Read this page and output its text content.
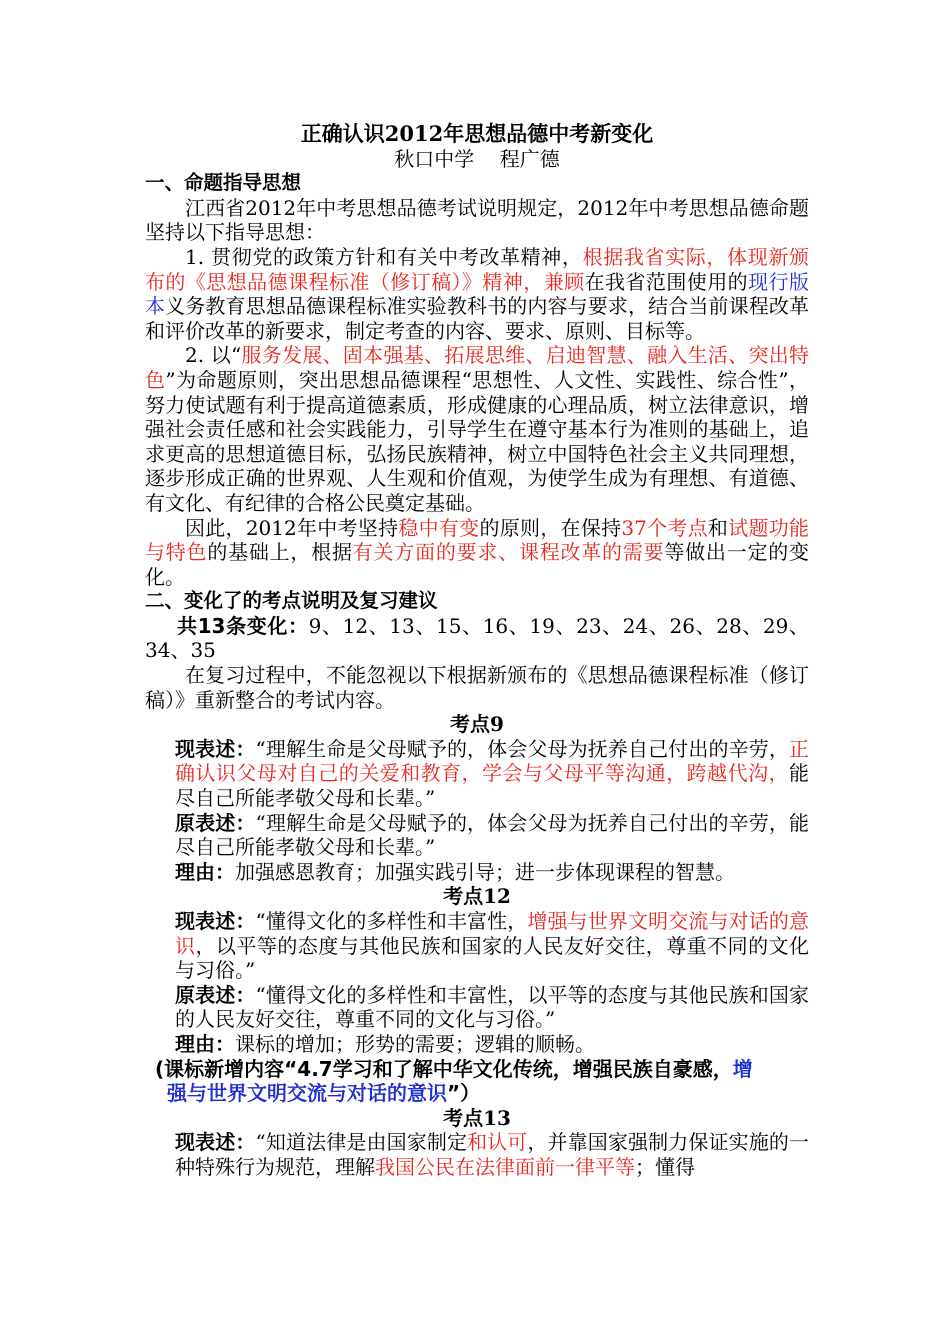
正确认识2012年思想品德中考新变化
秋口中学    程广德
一、命题指导思想
江西省2012年中考思想品德考试说明规定，2012年中考思想品德命题坚持以下指导思想：
1. 贯彻党的政策方针和有关中考改革精神，根据我省实际，体现新颁布的《思想品德课程标准（修订稿）》精神，兼顾在我省范围使用的现行版本义务教育思想品德课程标准实验教科书的内容与要求，结合当前课程改革和评价改革的新要求，制定考查的内容、要求、原则、目标等。
2. 以“服务发展、固本强基、拓展思维、启迪智慧、融入生活、突出特色”为命题原则，突出思想品德课程“思想性、人文性、实践性、综合性”，努力使试题有利于提高道德素质，形成健康的心理品质，树立法律意识，增强社会责任感和社会实践能力，引导学生在遵守基本行为准则的基础上，追求更高的思想道德目标，弘扬民族精神，树立中国特色社会主义共同理想，逐步形成正确的世界观、人生观和价值观，为使学生成为有理想、有道德、有文化、有纪律的合格公民奠定基础。
因此，2012年中考坚持稳中有变的原则，在保持37个考点和试题功能与特色的基础上，根据有关方面的要求、课程改革的需要等做出一定的变化。
二、变化了的考点说明及复习建议
共13条变化：9、12、13、15、16、19、23、24、26、28、29、34、35
在复习过程中，不能忽视以下根据新颁布的《思想品德课程标准（修订稿）》重新整合的考试内容。
考点9
现表述：“理解生命是父母赋予的，体会父母为抚养自己付出的辛劳，正确认识父母对自己的关爱和教育，学会与父母平等沟通，跨越代沟，能尽自己所能孝敬父母和长辈。”
原表述：“理解生命是父母赋予的，体会父母为抚养自己付出的辛劳，能尽自己所能孝敬父母和长辈。”
理由：加强感恩教育；加强实践引导；进一步体现课程的智慧。
考点12
现表述：“懂得文化的多样性和丰富性，增强与世界文明交流与对话的意识，以平等的态度与其他民族和国家的人民友好交往，尊重不同的文化与习俗。”
原表述：“懂得文化的多样性和丰富性，以平等的态度与其他民族和国家的人民友好交往，尊重不同的文化与习俗。”
理由：课标的增加；形势的需要；逻辑的顺畅。
(课标新增内容“4.7学习和了解中华文化传统，增强民族自豪感，增
强与世界文明交流与对话的意识”）
考点13
现表述：“知道法律是由国家制定和认可，并靠国家强制力保证实施的一种特殊行为规范，理解我国公民在法律面前一律平等；懂得
